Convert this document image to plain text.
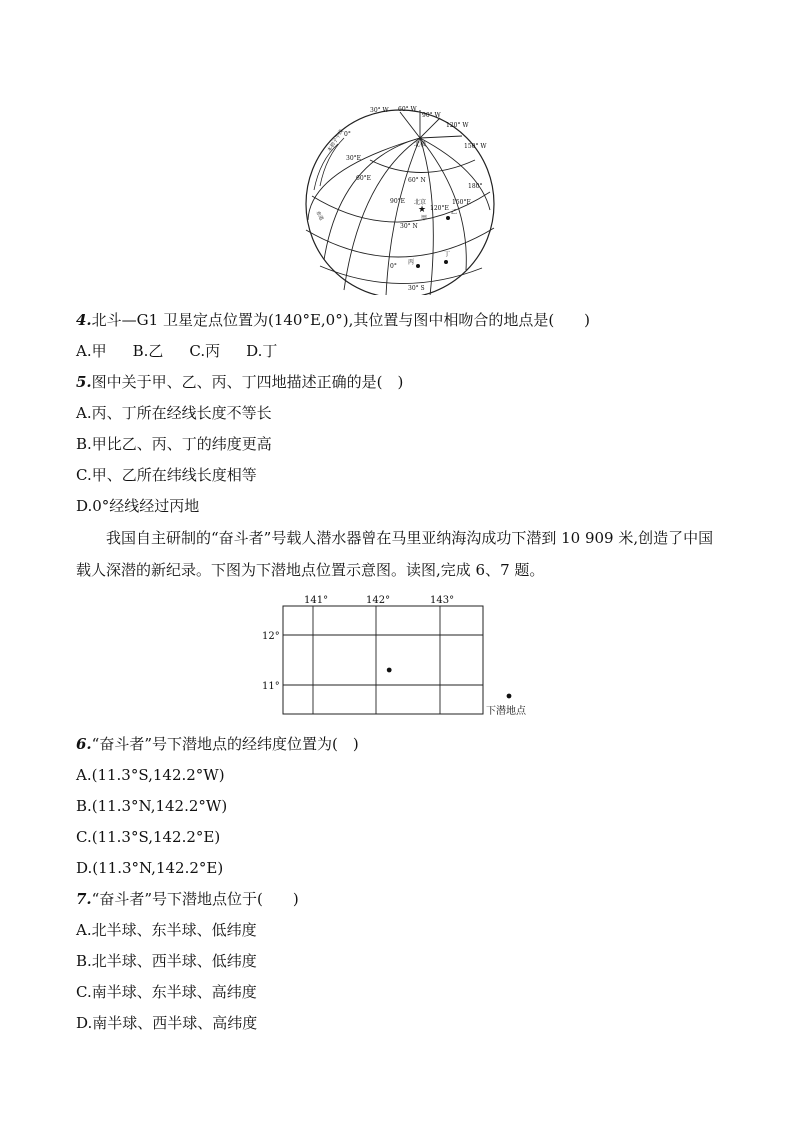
30° W 60° W
90° W
120° W
150° W
0°
30°E
60°E
90°E
180°
150°E
120°E
60° N
30° N
0°
30° S
北极
北京
甲
乙
丙
丁
本初子午线
赤道
★
4.北斗—G1 卫星定点位置为(140°E,0°),其位置与图中相吻合的地点是(　　)
A.甲 B.乙 C.丙 D.丁
5.图中关于甲、乙、丙、丁四地描述正确的是(　)
A.丙、丁所在经线长度不等长
B.甲比乙、丙、丁的纬度更高
C.甲、乙所在纬线长度相等
D.0°经线经过丙地
我国自主研制的“奋斗者”号载人潜水器曾在马里亚纳海沟成功下潜到 10 909 米,创造了中国载人深潜的新纪录。下图为下潜地点位置示意图。读图,完成 6、7 题。
141°	142°	143°
12°
11°
下潜地点
6.“奋斗者”号下潜地点的经纬度位置为(　)
A.(11.3°S,142.2°W)
B.(11.3°N,142.2°W)
C.(11.3°S,142.2°E)
D.(11.3°N,142.2°E)
7.“奋斗者”号下潜地点位于(　　)
A.北半球、东半球、低纬度
B.北半球、西半球、低纬度
C.南半球、东半球、高纬度
D.南半球、西半球、高纬度
